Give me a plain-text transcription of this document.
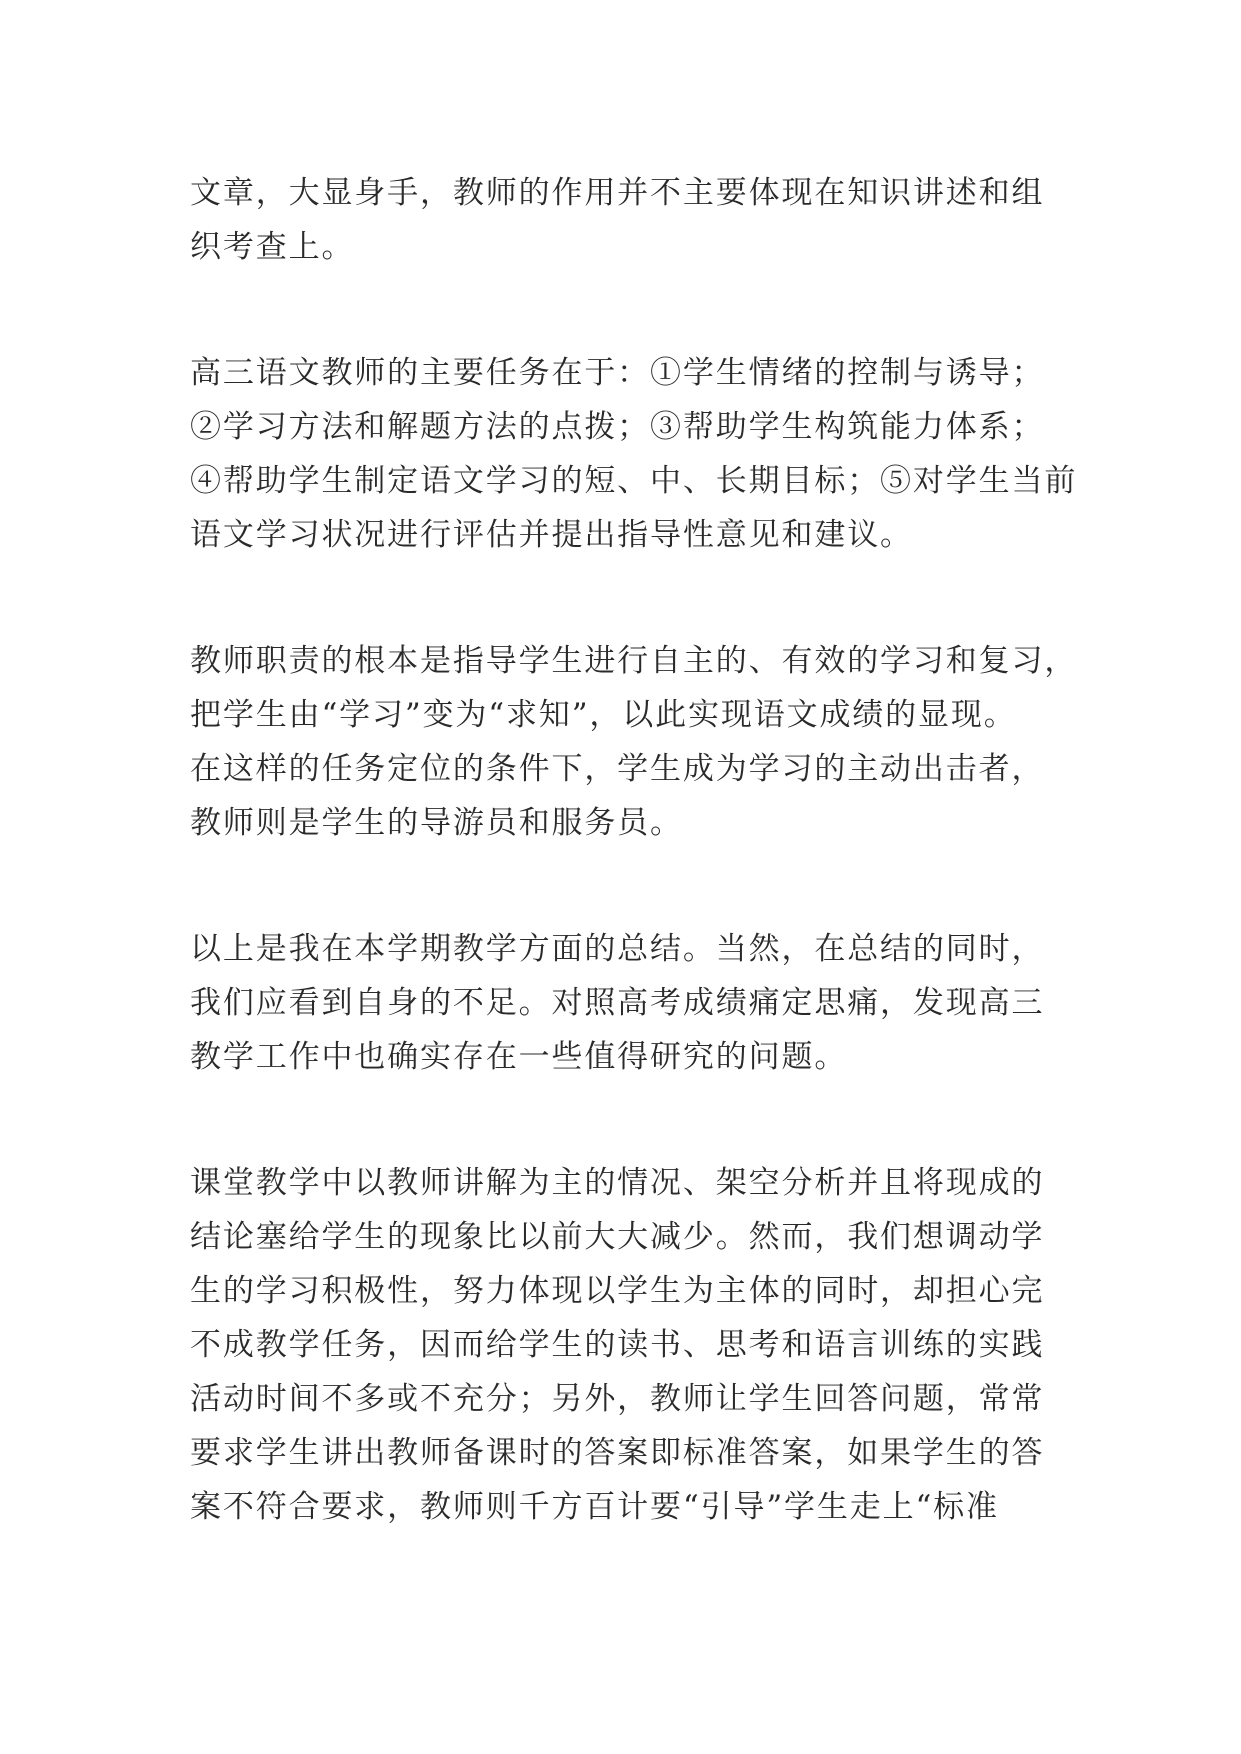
文章，大显身手，教师的作用并不主要体现在知识讲述和组
织考查上。
高三语文教师的主要任务在于：①学生情绪的控制与诱导；
②学习方法和解题方法的点拨；③帮助学生构筑能力体系；
④帮助学生制定语文学习的短、中、长期目标；⑤对学生当前
语文学习状况进行评估并提出指导性意见和建议。
教师职责的根本是指导学生进行自主的、有效的学习和复习，
把学生由“学习”变为“求知”，以此实现语文成绩的显现。
在这样的任务定位的条件下，学生成为学习的主动出击者，
教师则是学生的导游员和服务员。
以上是我在本学期教学方面的总结。当然，在总结的同时，
我们应看到自身的不足。对照高考成绩痛定思痛，发现高三
教学工作中也确实存在一些值得研究的问题。
课堂教学中以教师讲解为主的情况、架空分析并且将现成的
结论塞给学生的现象比以前大大减少。然而，我们想调动学
生的学习积极性，努力体现以学生为主体的同时，却担心完
不成教学任务，因而给学生的读书、思考和语言训练的实践
活动时间不多或不充分；另外，教师让学生回答问题，常常
要求学生讲出教师备课时的答案即标准答案，如果学生的答
案不符合要求，教师则千方百计要“引导”学生走上“标准
